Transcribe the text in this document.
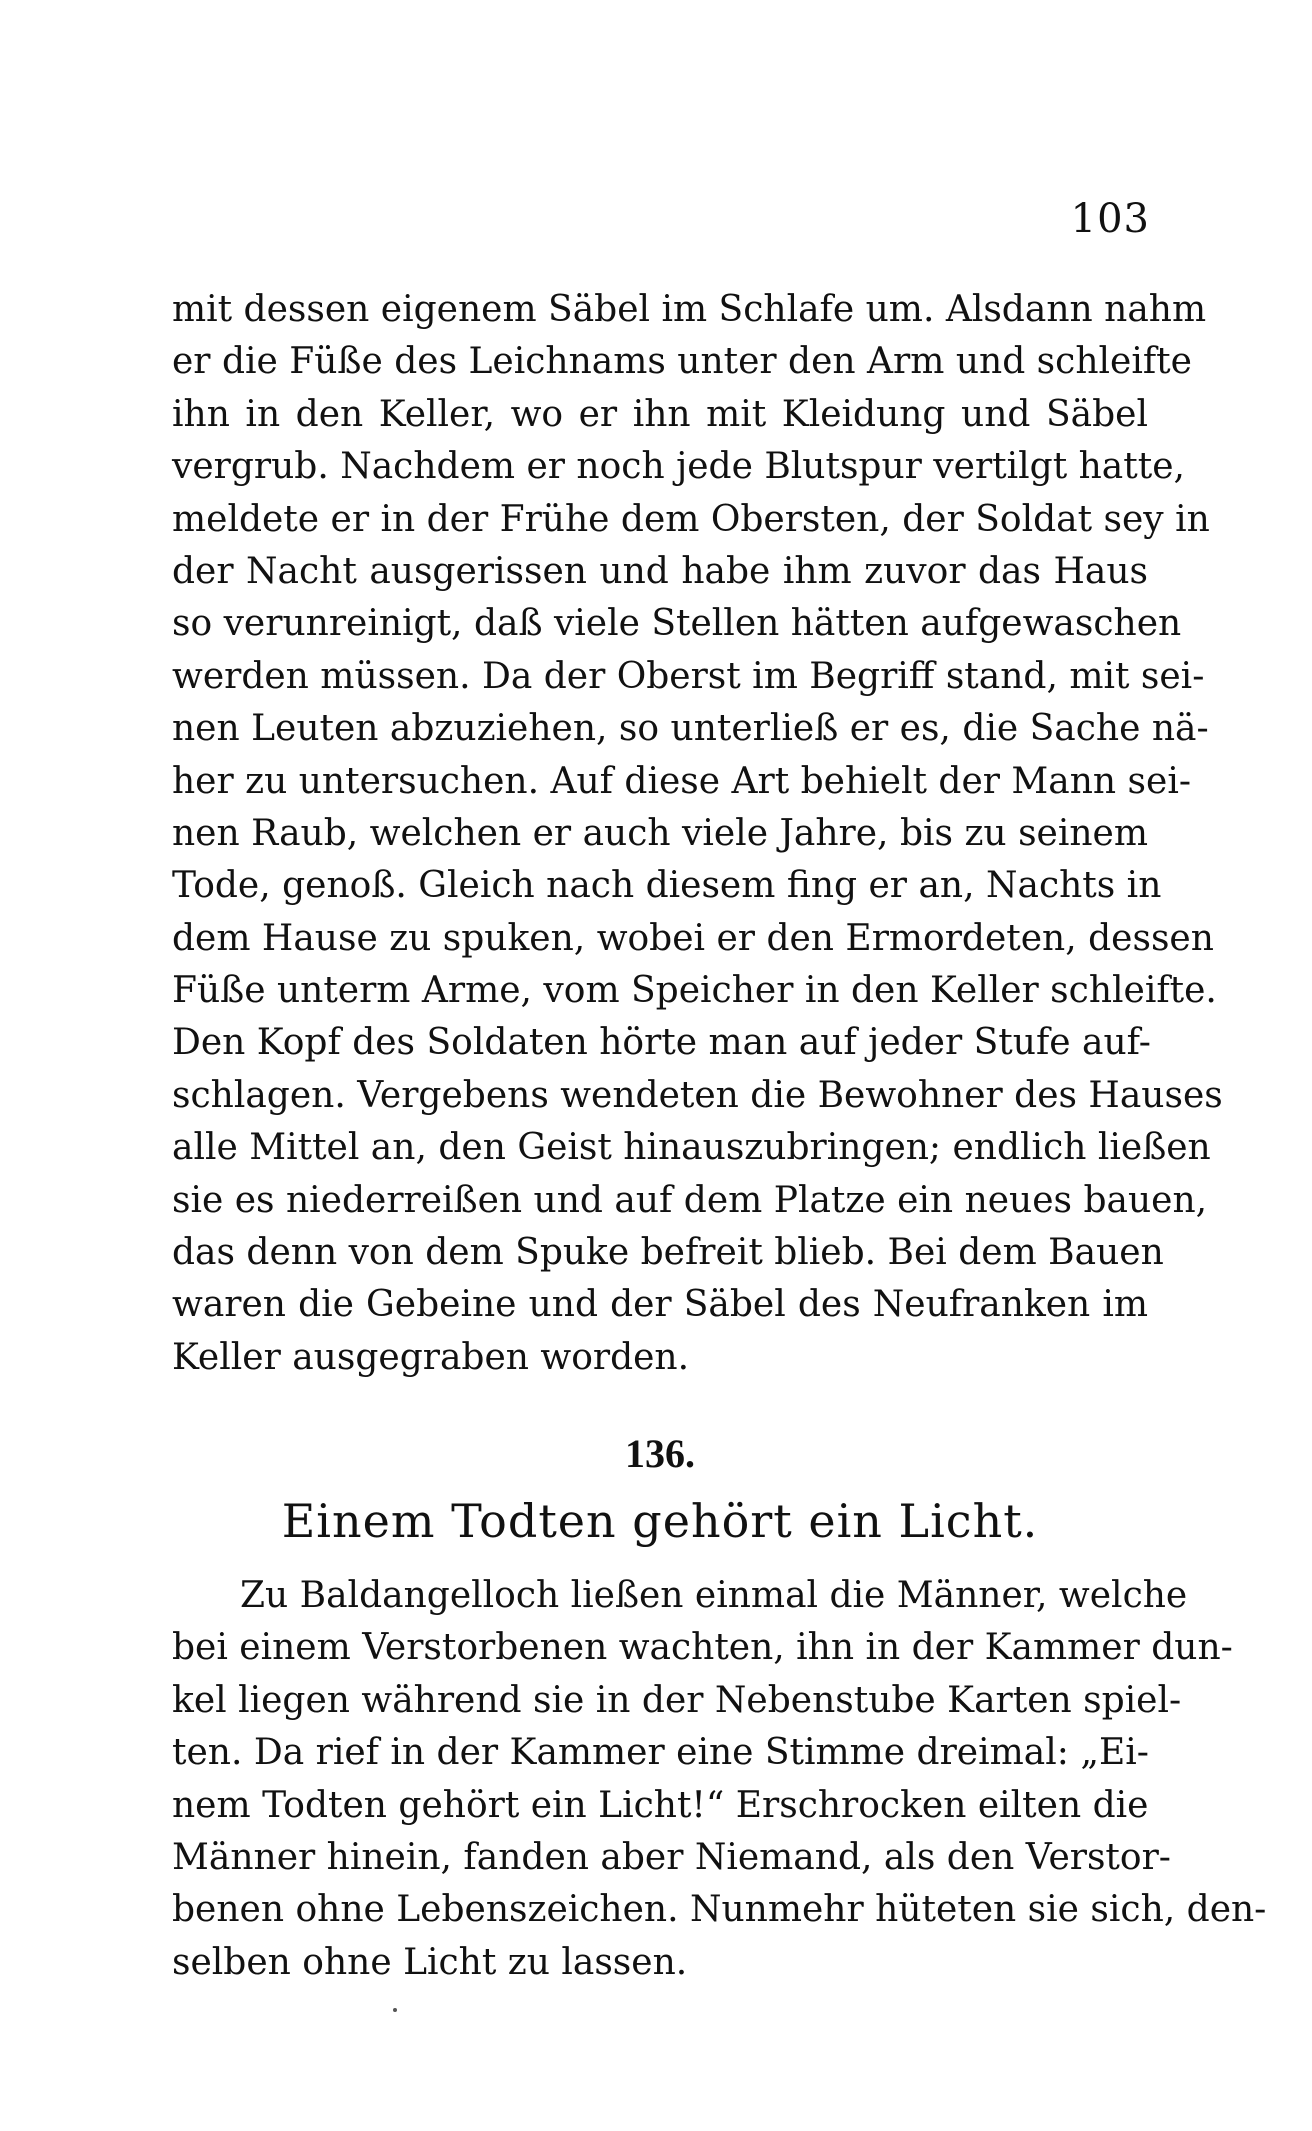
103
mit dessen eigenem Säbel im Schlafe um. Alsdann nahm
er die Füße des Leichnams unter den Arm und schleifte
ihn in den Keller, wo er ihn mit Kleidung und Säbel
vergrub. Nachdem er noch jede Blutspur vertilgt hatte,
meldete er in der Frühe dem Obersten, der Soldat sey in
der Nacht ausgerissen und habe ihm zuvor das Haus
so verunreinigt, daß viele Stellen hätten aufgewaschen
werden müssen. Da der Oberst im Begriff stand, mit sei-
nen Leuten abzuziehen, so unterließ er es, die Sache nä-
her zu untersuchen. Auf diese Art behielt der Mann sei-
nen Raub, welchen er auch viele Jahre, bis zu seinem
Tode, genoß. Gleich nach diesem fing er an, Nachts in
dem Hause zu spuken, wobei er den Ermordeten, dessen
Füße unterm Arme, vom Speicher in den Keller schleifte.
Den Kopf des Soldaten hörte man auf jeder Stufe auf-
schlagen. Vergebens wendeten die Bewohner des Hauses
alle Mittel an, den Geist hinauszubringen; endlich ließen
sie es niederreißen und auf dem Platze ein neues bauen,
das denn von dem Spuke befreit blieb. Bei dem Bauen
waren die Gebeine und der Säbel des Neufranken im
Keller ausgegraben worden.
136.
Einem Todten gehört ein Licht.
Zu Baldangelloch ließen einmal die Männer, welche
bei einem Verstorbenen wachten, ihn in der Kammer dun-
kel liegen während sie in der Nebenstube Karten spiel-
ten. Da rief in der Kammer eine Stimme dreimal: „Ei-
nem Todten gehört ein Licht!“ Erschrocken eilten die
Männer hinein, fanden aber Niemand, als den Verstor-
benen ohne Lebenszeichen. Nunmehr hüteten sie sich, den-
selben ohne Licht zu lassen.
